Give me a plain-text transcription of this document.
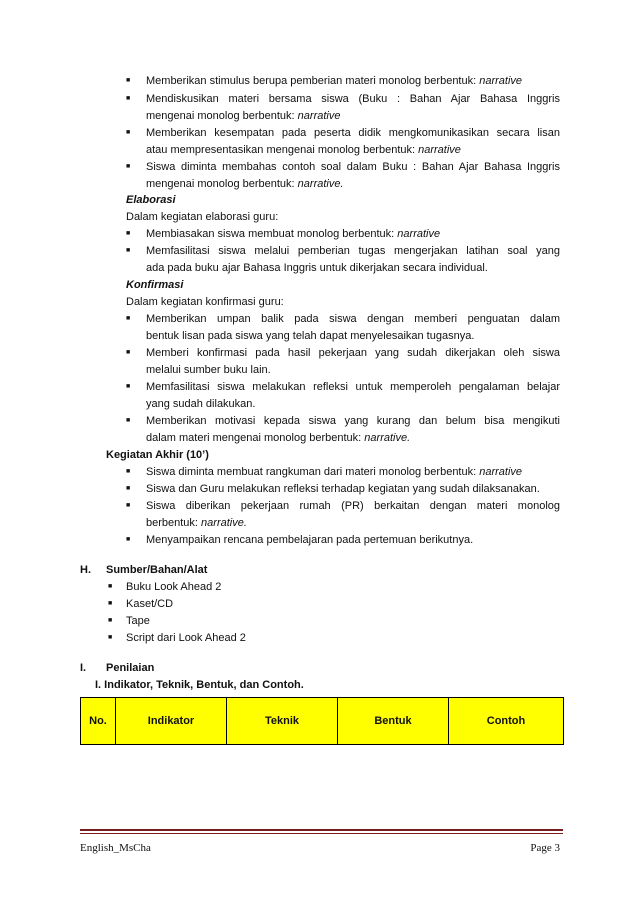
■ Memberikan stimulus berupa pemberian materi monolog berbentuk: narrative
■ Mendiskusikan materi bersama siswa (Buku : Bahan Ajar Bahasa Inggris
mengenai monolog berbentuk: narrative
■ Memberikan kesempatan pada peserta didik mengkomunikasikan secara lisan
atau mempresentasikan mengenai monolog berbentuk: narrative
■ Siswa diminta membahas contoh soal dalam Buku : Bahan Ajar Bahasa Inggris
mengenai monolog berbentuk: narrative.
Elaborasi
Dalam kegiatan elaborasi guru:
■ Membiasakan siswa membuat monolog berbentuk: narrative
■ Memfasilitasi siswa melalui pemberian tugas mengerjakan latihan soal yang
ada pada buku ajar Bahasa Inggris untuk dikerjakan secara individual.
Konfirmasi
Dalam kegiatan konfirmasi guru:
■ Memberikan umpan balik pada siswa dengan memberi penguatan dalam
bentuk lisan pada siswa yang telah dapat menyelesaikan tugasnya.
■ Memberi konfirmasi pada hasil pekerjaan yang sudah dikerjakan oleh siswa
melalui sumber buku lain.
■ Memfasilitasi siswa melakukan refleksi untuk memperoleh pengalaman belajar
yang sudah dilakukan.
■ Memberikan motivasi kepada siswa yang kurang dan belum bisa mengikuti
dalam materi mengenai monolog berbentuk: narrative.
Kegiatan Akhir (10’)
■ Siswa diminta membuat rangkuman dari materi monolog berbentuk: narrative
■ Siswa dan Guru melakukan refleksi terhadap kegiatan yang sudah dilaksanakan.
■ Siswa diberikan pekerjaan rumah (PR) berkaitan dengan materi monolog
berbentuk: narrative.
■ Menyampaikan rencana pembelajaran pada pertemuan berikutnya.
H. Sumber/Bahan/Alat
■ Buku Look Ahead 2
■ Kaset/CD
■ Tape
■ Script dari Look Ahead 2
I. Penilaian
I. Indikator, Teknik, Bentuk, dan Contoh.
No.	Indikator	Teknik	Bentuk	Contoh
English_MsCha	Page 3
